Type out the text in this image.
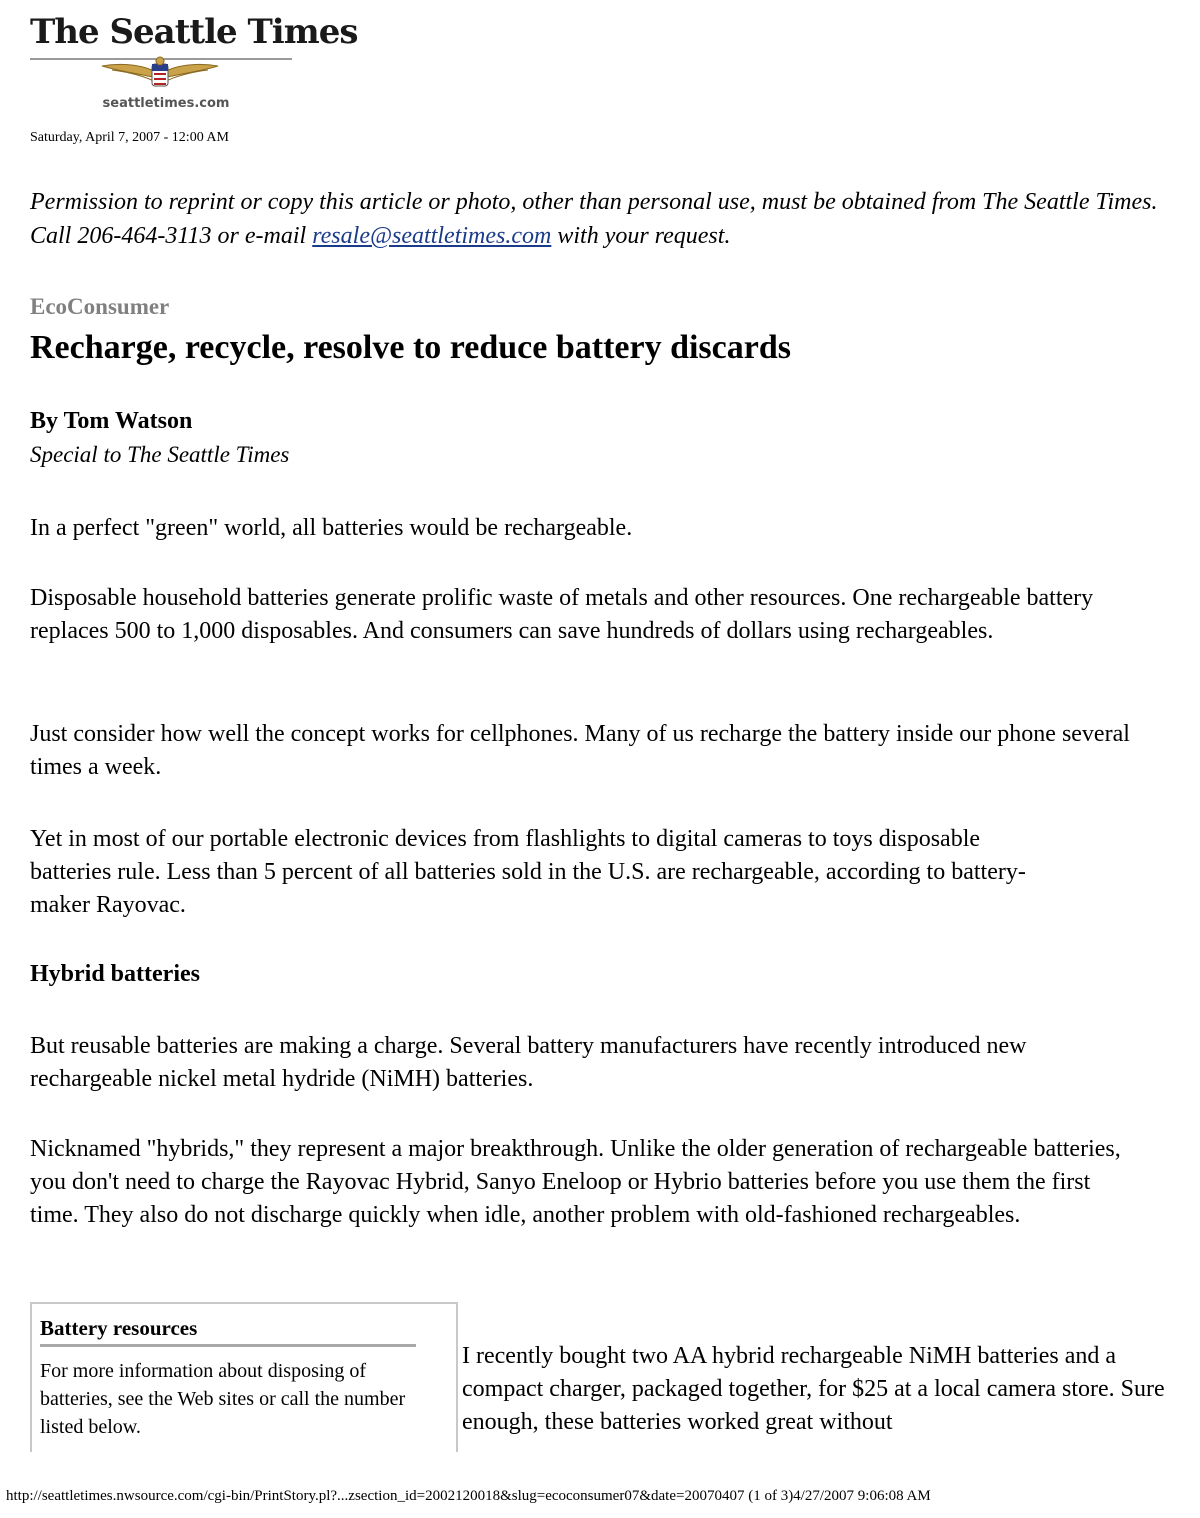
The Seattle Times
seattletimes.com
Saturday, April 7, 2007 - 12:00 AM
Permission to reprint or copy this article or photo, other than personal use, must be obtained from The Seattle Times. Call 206-464-3113 or e-mail resale@seattletimes.com with your request.
EcoConsumer
Recharge, recycle, resolve to reduce battery discards
By Tom Watson
Special to The Seattle Times

In a perfect "green" world, all batteries would be rechargeable.

Disposable household batteries generate prolific waste of metals and other resources. One rechargeable battery replaces 500 to 1,000 disposables. And consumers can save hundreds of dollars using rechargeables.

Just consider how well the concept works for cellphones. Many of us recharge the battery inside our phone several times a week.

Yet in most of our portable electronic devices from flashlights to digital cameras to toys disposable batteries rule. Less than 5 percent of all batteries sold in the U.S. are rechargeable, according to battery-maker Rayovac.

Hybrid batteries

But reusable batteries are making a charge. Several battery manufacturers have recently introduced new rechargeable nickel metal hydride (NiMH) batteries.

Nicknamed "hybrids," they represent a major breakthrough. Unlike the older generation of rechargeable batteries, you don't need to charge the Rayovac Hybrid, Sanyo Eneloop or Hybrio batteries before you use them the first time. They also do not discharge quickly when idle, another problem with old-fashioned rechargeables.

Battery resources
For more information about disposing of batteries, see the Web sites or call the number listed below.

I recently bought two AA hybrid rechargeable NiMH batteries and a compact charger, packaged together, for $25 at a local camera store. Sure enough, these batteries worked great without

http://seattletimes.nwsource.com/cgi-bin/PrintStory.pl?...zsection_id=2002120018&slug=ecoconsumer07&date=20070407 (1 of 3)4/27/2007 9:06:08 AM
